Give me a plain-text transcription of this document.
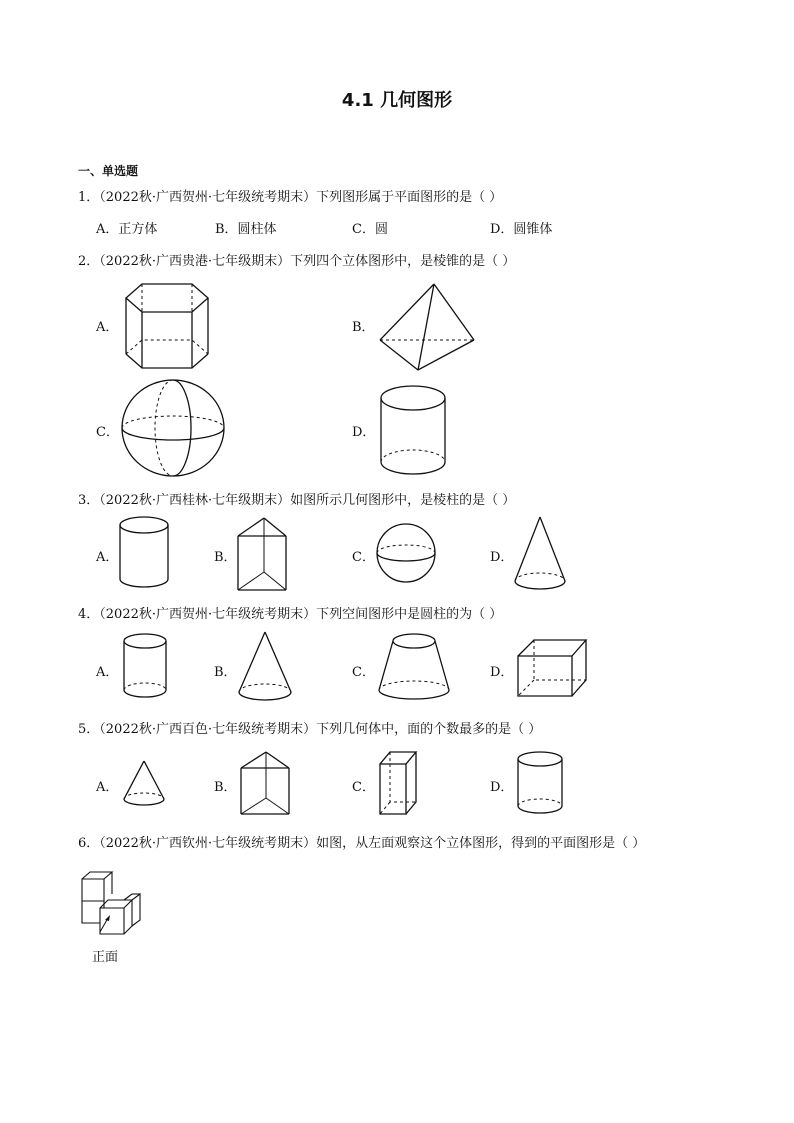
4.1 几何图形
一、单选题
1．（2022秋·广西贺州·七年级统考期末）下列图形属于平面图形的是（ ）
A．正方体	B．圆柱体	C．圆	D．圆锥体
2．（2022秋·广西贵港·七年级期末）下列四个立体图形中，是棱锥的是（ ）
A．	B．
C．	D．
3．（2022秋·广西桂林·七年级期末）如图所示几何图形中，是棱柱的是（ ）
A．	B．	C．	D．
4．（2022秋·广西贺州·七年级统考期末）下列空间图形中是圆柱的为（ ）
A．	B．	C．	D．
5．（2022秋·广西百色·七年级统考期末）下列几何体中，面的个数最多的是（ ）
A．	B．	C．	D．
6．（2022秋·广西钦州·七年级统考期末）如图，从左面观察这个立体图形，得到的平面图形是（ ）
正面
